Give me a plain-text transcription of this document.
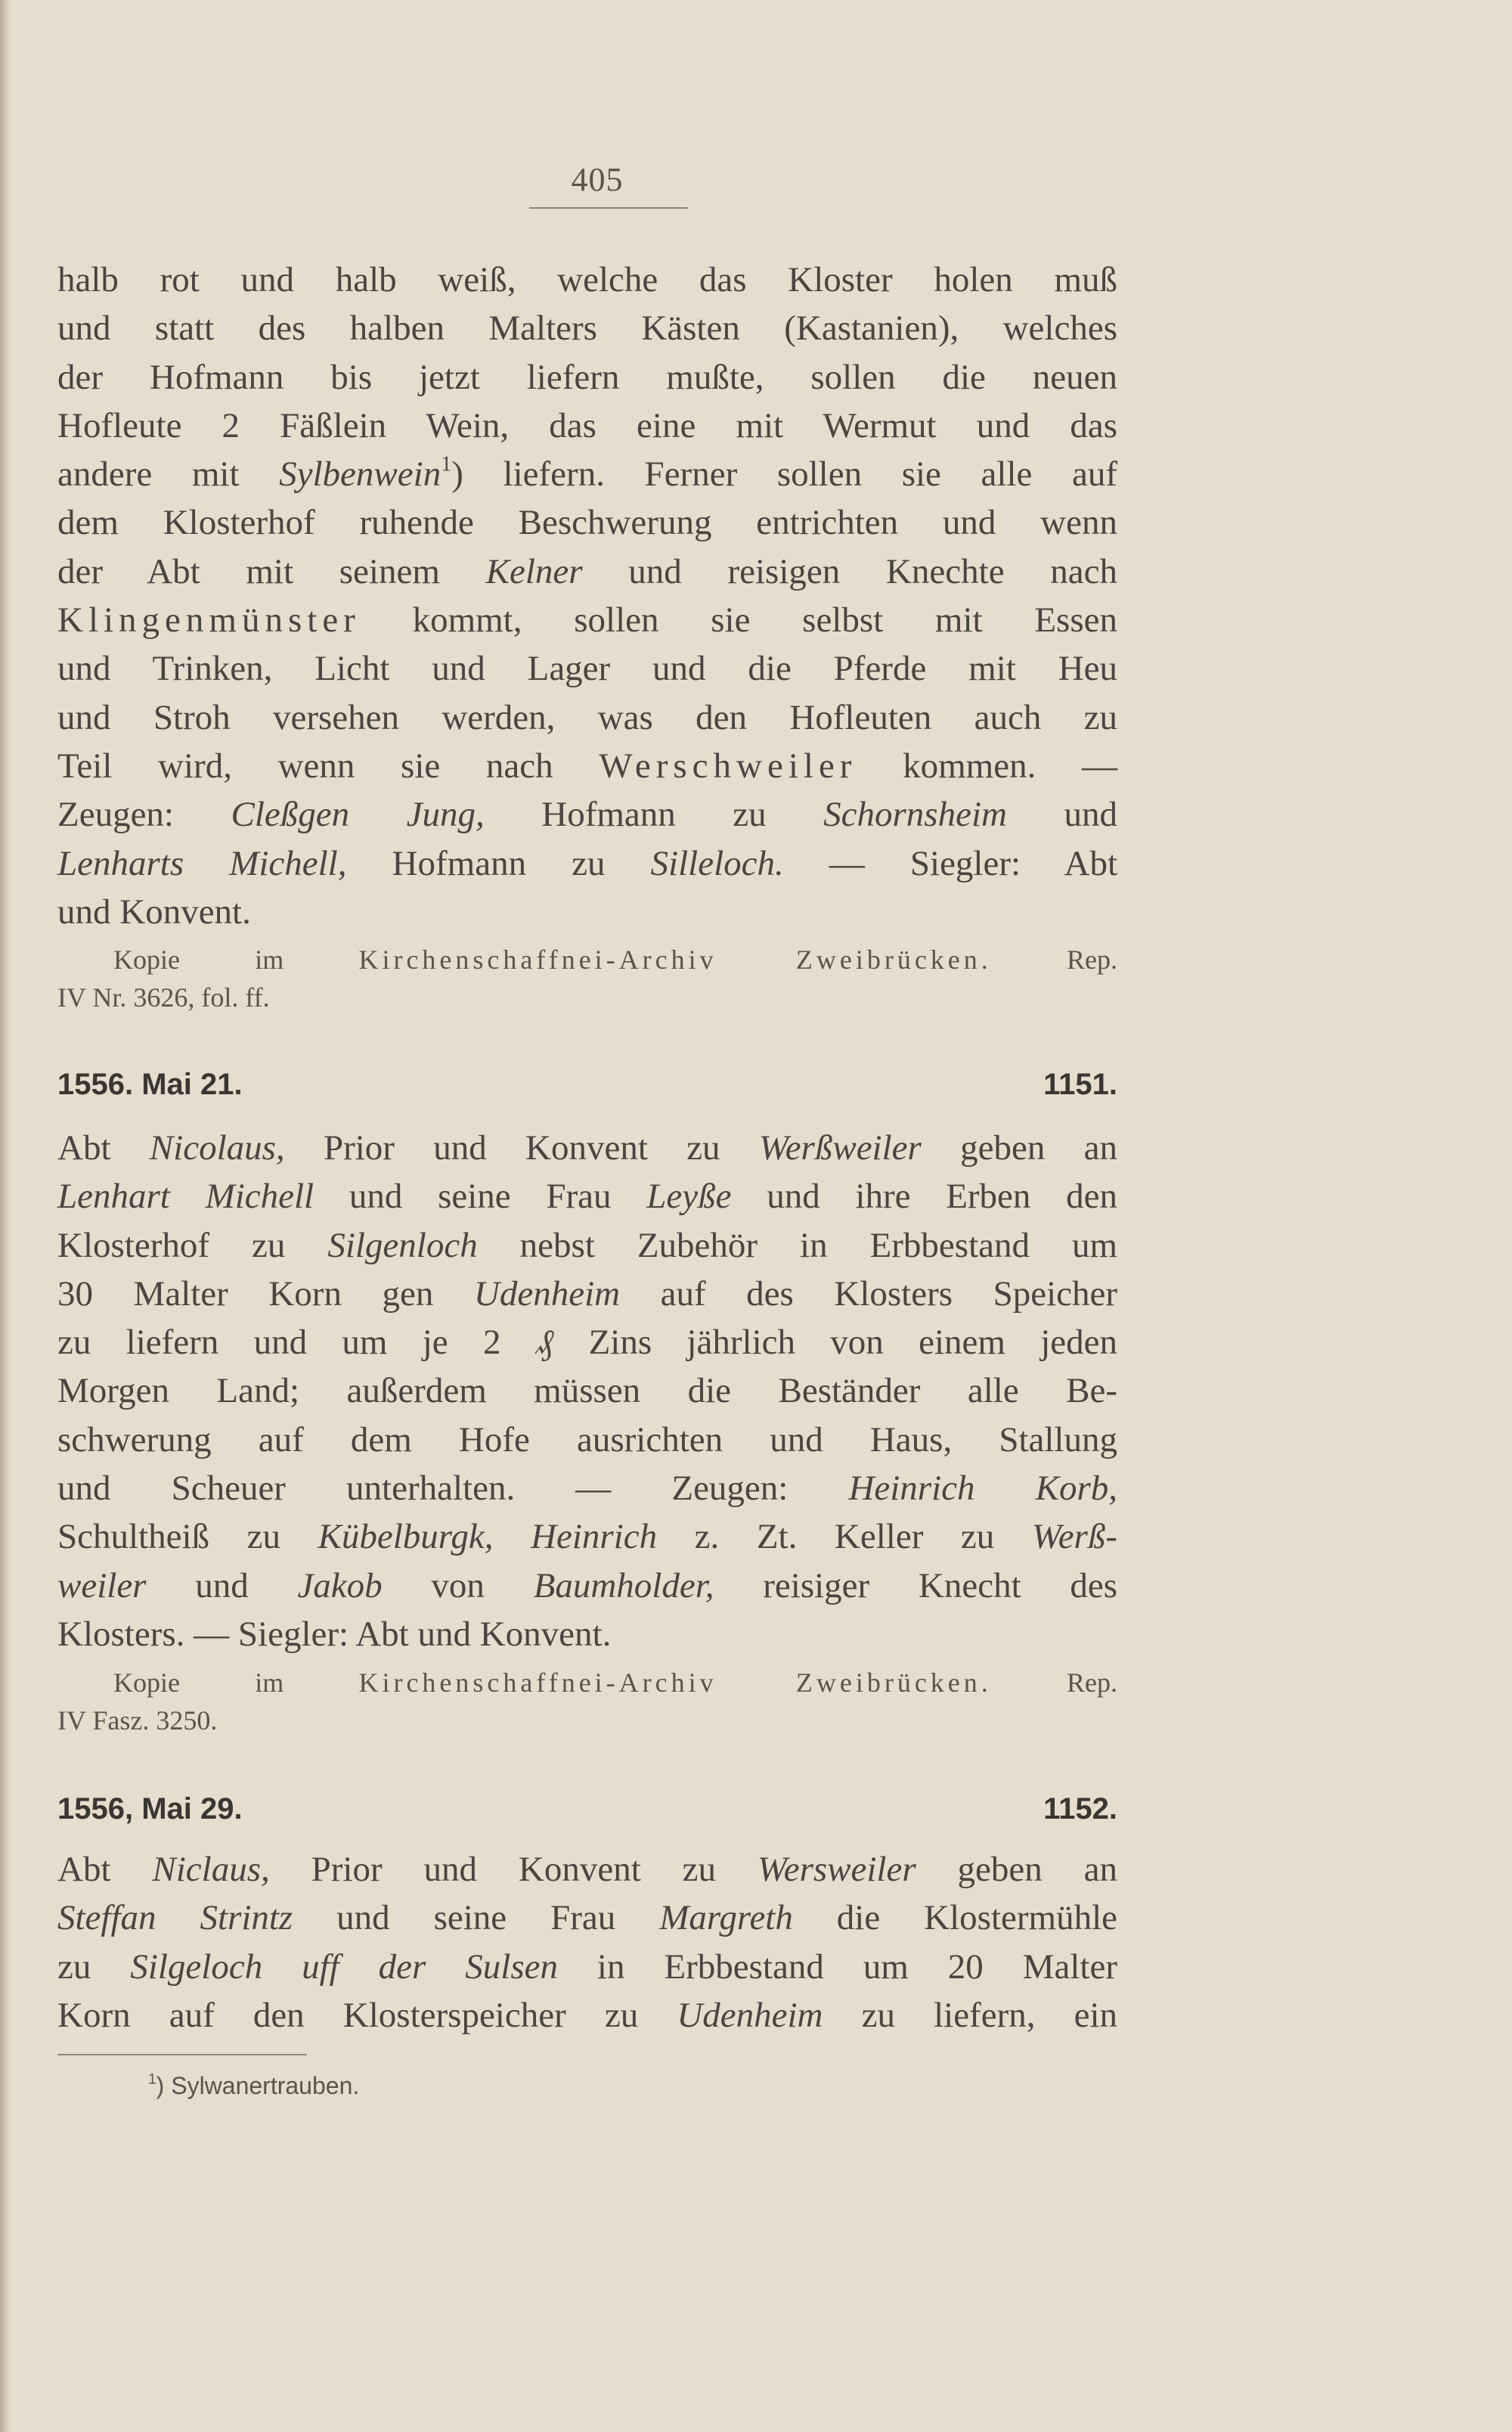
405
halb rot und halb weiß, welche das Kloster holen muß
und statt des halben Malters Kästen (Kastanien), welches
der Hofmann bis jetzt liefern mußte, sollen die neuen
Hofleute 2 Fäßlein Wein, das eine mit Wermut und das
andere mit Sylbenwein$^1$) liefern. Ferner sollen sie alle auf
dem Klosterhof ruhende Beschwerung entrichten und wenn
der Abt mit seinem Kelner und reisigen Knechte nach
Klingenmünster kommt, sollen sie selbst mit Essen
und Trinken, Licht und Lager und die Pferde mit Heu
und Stroh versehen werden, was den Hofleuten auch zu
Teil wird, wenn sie nach Werschweiler kommen. —
Zeugen: Cleßgen Jung, Hofmann zu Schornsheim und
Lenharts Michell, Hofmann zu Silleloch. — Siegler: Abt
und Konvent.
Kopie im Kirchenschaffnei-Archiv Zweibrücken. Rep.
IV Nr. 3626, fol. ff.
1556. Mai 21.	1151.
Abt Nicolaus, Prior und Konvent zu Werßweiler geben an
Lenhart Michell und seine Frau Leyße und ihre Erben den
Klosterhof zu Silgenloch nebst Zubehör in Erbbestand um
30 Malter Korn gen Udenheim auf des Klosters Speicher
zu liefern und um je 2 ₰ Zins jährlich von einem jeden
Morgen Land; außerdem müssen die Beständer alle Be-
schwerung auf dem Hofe ausrichten und Haus, Stallung
und Scheuer unterhalten. — Zeugen: Heinrich Korb,
Schultheiß zu Kübelburgk, Heinrich z. Zt. Keller zu Werß-
weiler und Jakob von Baumholder, reisiger Knecht des
Klosters. — Siegler: Abt und Konvent.
Kopie im Kirchenschaffnei-Archiv Zweibrücken. Rep.
IV Fasz. 3250.
1556, Mai 29.	1152.
Abt Niclaus, Prior und Konvent zu Wersweiler geben an
Steffan Strintz und seine Frau Margreth die Klostermühle
zu Silgeloch uff der Sulsen in Erbbestand um 20 Malter
Korn auf den Klosterspeicher zu Udenheim zu liefern, ein
$^1$) Sylwanertrauben.
